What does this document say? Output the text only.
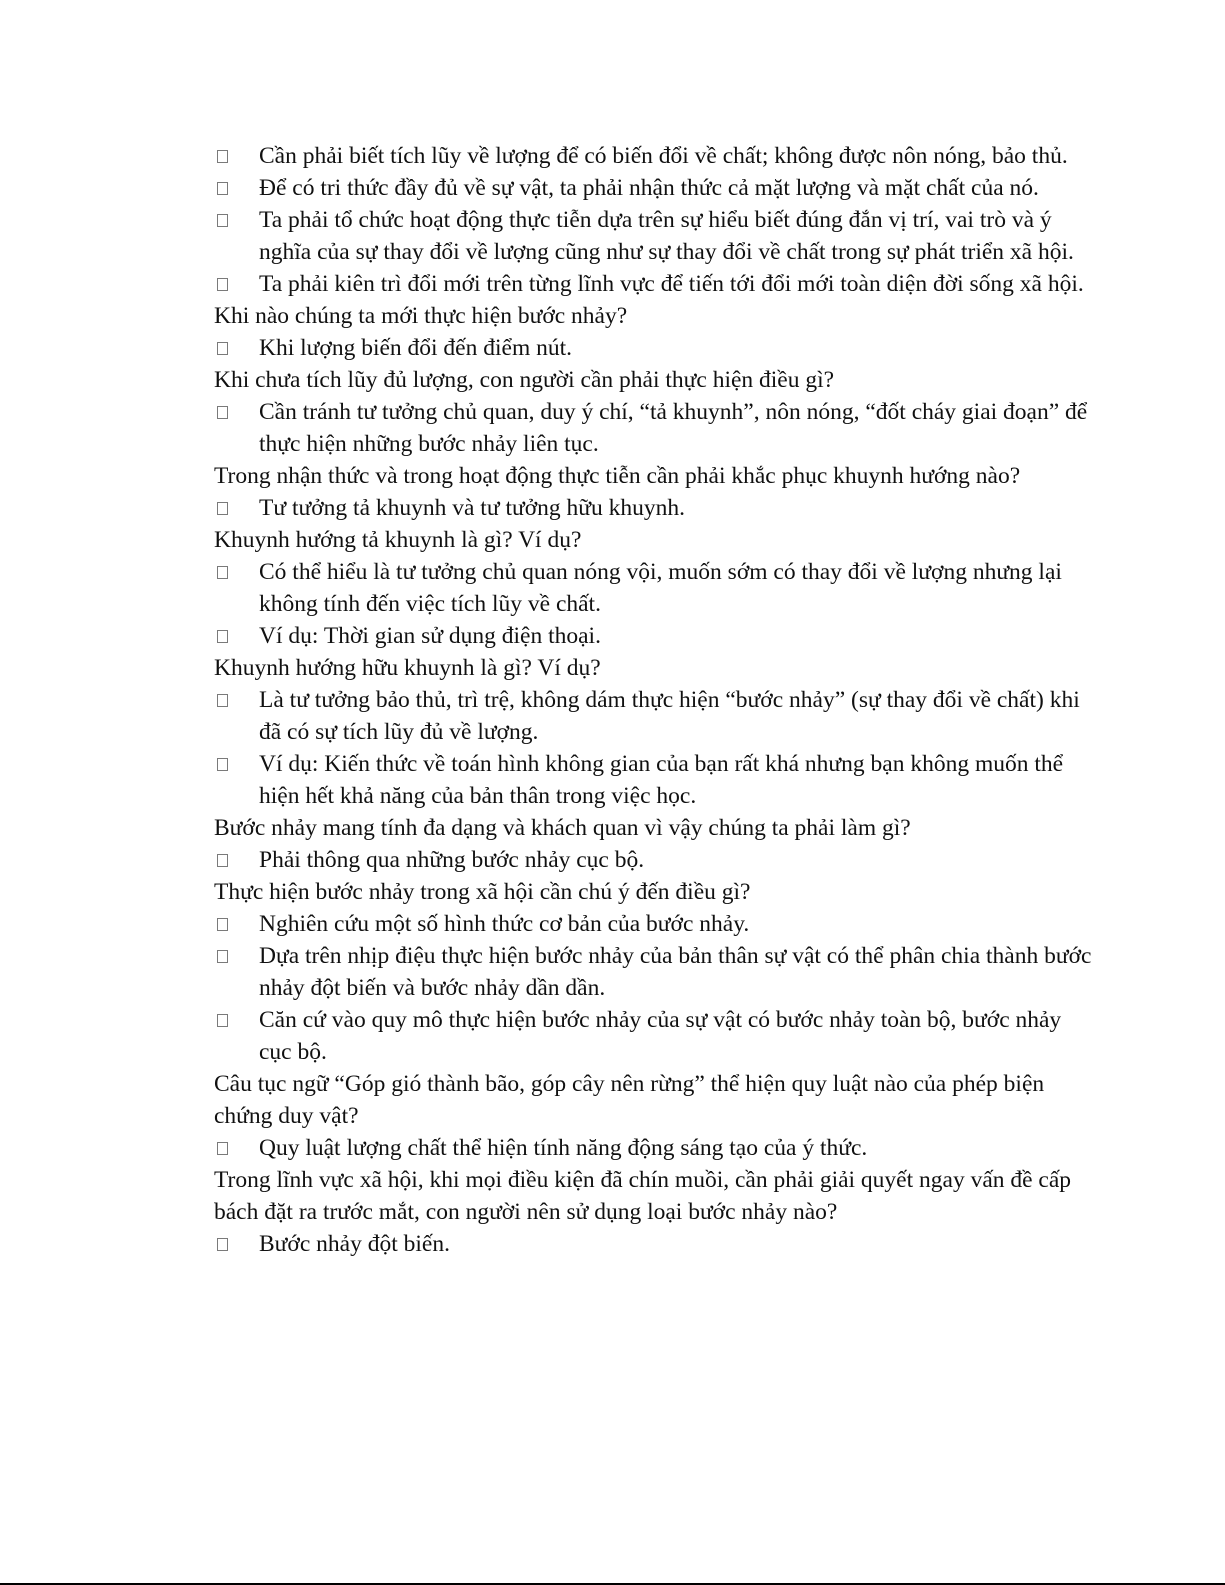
Cần phải biết tích lũy về lượng để có biến đổi về chất; không được nôn nóng, bảo thủ.
Để có tri thức đầy đủ về sự vật, ta phải nhận thức cả mặt lượng và mặt chất của nó.
Ta phải tổ chức hoạt động thực tiễn dựa trên sự hiểu biết đúng đắn vị trí, vai trò và ý nghĩa của sự thay đổi về lượng cũng như sự thay đổi về chất trong sự phát triển xã hội.
Ta phải kiên trì đổi mới trên từng lĩnh vực để tiến tới đổi mới toàn diện đời sống xã hội.
Khi nào chúng ta mới thực hiện bước nhảy?
Khi lượng biến đổi đến điểm nút.
Khi chưa tích lũy đủ lượng, con người cần phải thực hiện điều gì?
Cần tránh tư tưởng chủ quan, duy ý chí, “tả khuynh”, nôn nóng, “đốt cháy giai đoạn” để thực hiện những bước nhảy liên tục.
Trong nhận thức và trong hoạt động thực tiễn cần phải khắc phục khuynh hướng nào?
Tư tưởng tả khuynh và tư tưởng hữu khuynh.
Khuynh hướng tả khuynh là gì? Ví dụ?
Có thể hiểu là tư tưởng chủ quan nóng vội, muốn sớm có thay đổi về lượng nhưng lại không tính đến việc tích lũy về chất.
Ví dụ: Thời gian sử dụng điện thoại.
Khuynh hướng hữu khuynh là gì? Ví dụ?
Là tư tưởng bảo thủ, trì trệ, không dám thực hiện “bước nhảy” (sự thay đổi về chất) khi đã có sự tích lũy đủ về lượng.
Ví dụ: Kiến thức về toán hình không gian của bạn rất khá nhưng bạn không muốn thể hiện hết khả năng của bản thân trong việc học.
Bước nhảy mang tính đa dạng và khách quan vì vậy chúng ta phải làm gì?
Phải thông qua những bước nhảy cục bộ.
Thực hiện bước nhảy trong xã hội cần chú ý đến điều gì?
Nghiên cứu một số hình thức cơ bản của bước nhảy.
Dựa trên nhịp điệu thực hiện bước nhảy của bản thân sự vật có thể phân chia thành bước nhảy đột biến và bước nhảy dần dần.
Căn cứ vào quy mô thực hiện bước nhảy của sự vật có bước nhảy toàn bộ, bước nhảy cục bộ.
Câu tục ngữ “Góp gió thành bão, góp cây nên rừng” thể hiện quy luật nào của phép biện chứng duy vật?
Quy luật lượng chất thể hiện tính năng động sáng tạo của ý thức.
Trong lĩnh vực xã hội, khi mọi điều kiện đã chín muồi, cần phải giải quyết ngay vấn đề cấp bách đặt ra trước mắt, con người nên sử dụng loại bước nhảy nào?
Bước nhảy đột biến.
